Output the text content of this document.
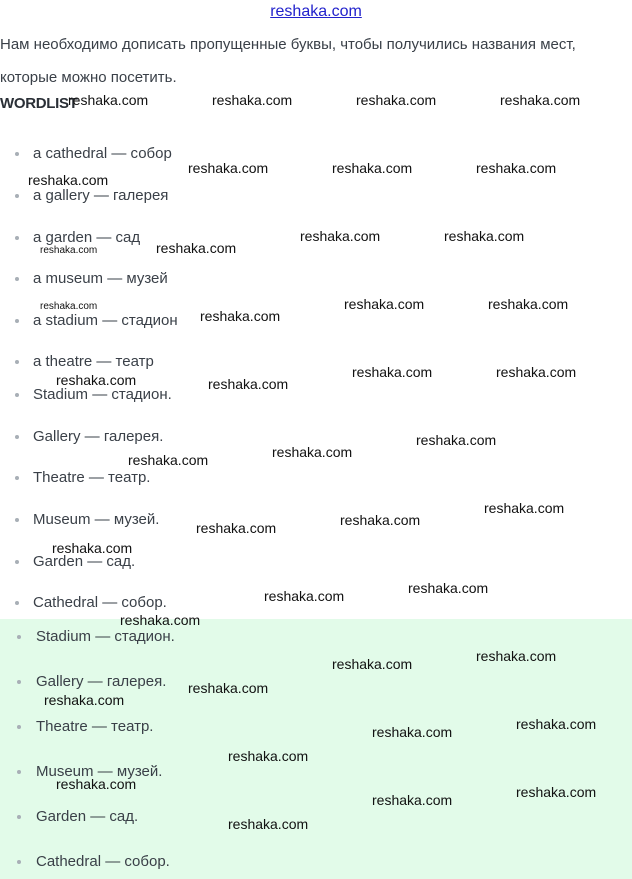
reshaka.com

Нам необходимо дописать пропущенные буквы, чтобы получились названия мест, которые можно посетить.

WORDLIST
a cathedral — собор
a gallery — галерея
a garden — сад
a museum — музей
a stadium — стадион
a theatre — театр
Stadium — стадион.
Gallery — галерея.
Theatre — театр.
Museum — музей.
Garden — сад.
Cathedral — собор.
Stadium — стадион.
Gallery — галерея.
Theatre — театр.
Museum — музей.
Garden — сад.
Cathedral — собор.
reshaka.com	reshaka.com	reshaka.com	reshaka.com
reshaka.com	reshaka.com	reshaka.com
reshaka.com
reshaka.com	reshaka.com
reshaka.com	reshaka.com
reshaka.com
reshaka.com
reshaka.com	reshaka.com
reshaka.com	reshaka.com
reshaka.com	reshaka.com
reshaka.com
reshaka.com
reshaka.com
reshaka.com
reshaka.com
reshaka.com
reshaka.com
reshaka.com
reshaka.com
reshaka.com
reshaka.com
reshaka.com
reshaka.com
reshaka.com
reshaka.com
reshaka.com
reshaka.com
reshaka.com	reshaka.com
reshaka.com
reshaka.com
